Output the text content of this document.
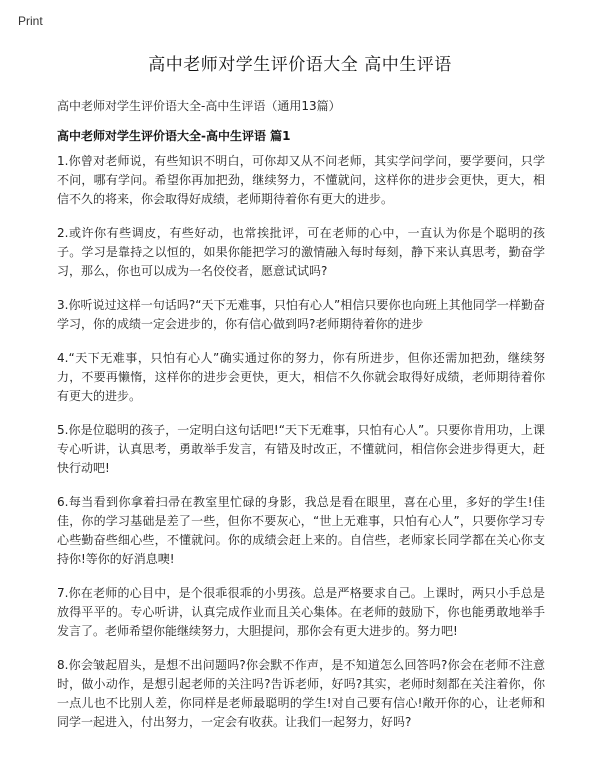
Print
高中老师对学生评价语大全 高中生评语
高中老师对学生评价语大全-高中生评语（通用13篇）
高中老师对学生评价语大全-高中生评语 篇1

1.你曾对老师说，有些知识不明白，可你却又从不问老师，其实学问学问，要学要问，只学不问，哪有学问。希望你再加把劲，继续努力，不懂就问，这样你的进步会更快，更大，相信不久的将来，你会取得好成绩，老师期待着你有更大的进步。

2.或许你有些调皮，有些好动，也常挨批评，可在老师的心中，一直认为你是个聪明的孩子。学习是靠持之以恒的，如果你能把学习的激情融入每时每刻，静下来认真思考，勤奋学习，那么，你也可以成为一名佼佼者，愿意试试吗?

3.你听说过这样一句话吗?“天下无难事，只怕有心人”相信只要你也向班上其他同学一样勤奋学习，你的成绩一定会进步的，你有信心做到吗?老师期待着你的进步

4.“天下无难事，只怕有心人”确实通过你的努力，你有所进步，但你还需加把劲，继续努力，不要再懒惰，这样你的进步会更快，更大，相信不久你就会取得好成绩，老师期待着你有更大的进步。

5.你是位聪明的孩子，一定明白这句话吧!“天下无难事，只怕有心人”。只要你肯用功，上课专心听讲，认真思考，勇敢举手发言，有错及时改正，不懂就问，相信你会进步得更大，赶快行动吧!

6.每当看到你拿着扫帚在教室里忙碌的身影，我总是看在眼里，喜在心里，多好的学生!佳佳，你的学习基础是差了一些，但你不要灰心，“世上无难事，只怕有心人”，只要你学习专心些勤奋些细心些，不懂就问。你的成绩会赶上来的。自信些，老师家长同学都在关心你支持你!等你的好消息噢!

7.你在老师的心目中，是个很乖很乖的小男孩。总是严格要求自己。上课时，两只小手总是放得平平的。专心听讲，认真完成作业而且关心集体。在老师的鼓励下，你也能勇敢地举手发言了。老师希望你能继续努力，大胆提问，那你会有更大进步的。努力吧!

8.你会皱起眉头，是想不出问题吗?你会默不作声，是不知道怎么回答吗?你会在老师不注意时，做小动作，是想引起老师的关注吗?告诉老师，好吗?其实，老师时刻都在关注着你，你一点儿也不比别人差，你同样是老师最聪明的学生!对自己要有信心!敞开你的心，让老师和同学一起进入，付出努力，一定会有收获。让我们一起努力，好吗?
